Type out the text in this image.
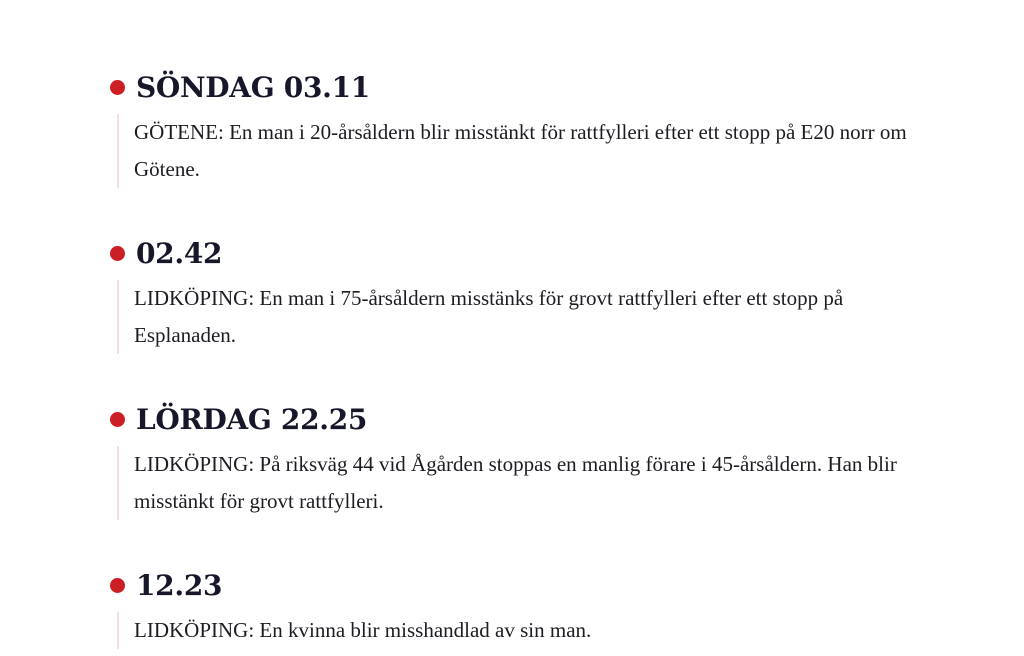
SÖNDAG 03.11

GÖTENE: En man i 20-årsåldern blir misstänkt för rattfylleri efter ett stopp på E20 norr om Götene.

02.42

LIDKÖPING: En man i 75-årsåldern misstänks för grovt rattfylleri efter ett stopp på Esplanaden.

LÖRDAG 22.25

LIDKÖPING: På riksväg 44 vid Ågården stoppas en manlig förare i 45-årsåldern. Han blir misstänkt för grovt rattfylleri.

12.23

LIDKÖPING: En kvinna blir misshandlad av sin man.
